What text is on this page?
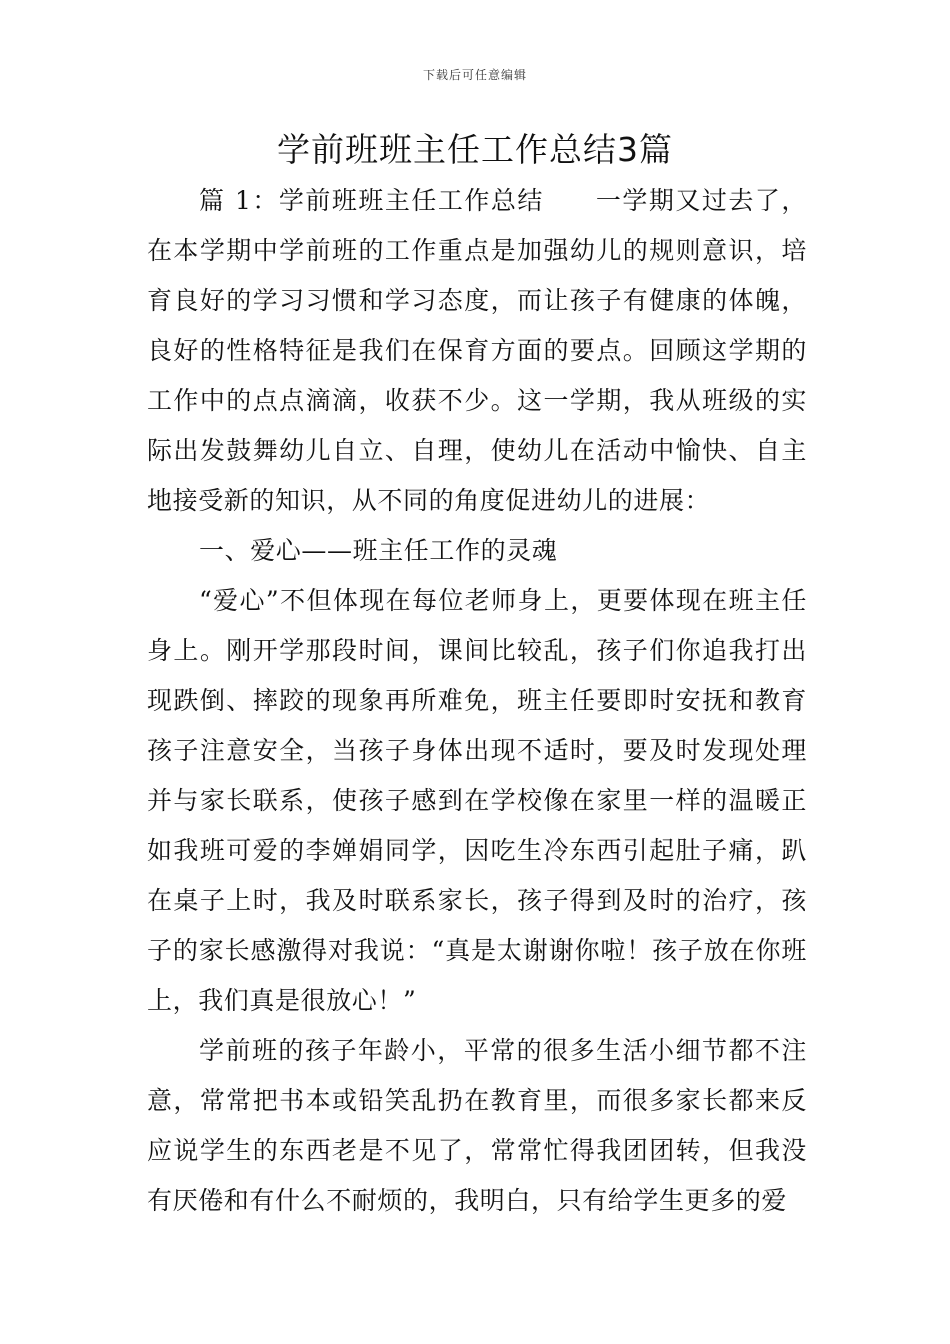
下载后可任意编辑
学前班班主任工作总结3篇

篇 1：学前班班主任工作总结 一学期又过去了，在本学期中学前班的工作重点是加强幼儿的规则意识，培育良好的学习习惯和学习态度，而让孩子有健康的体魄，良好的性格特征是我们在保育方面的要点。回顾这学期的工作中的点点滴滴，收获不少。这一学期，我从班级的实际出发鼓舞幼儿自立、自理，使幼儿在活动中愉快、自主地接受新的知识，从不同的角度促进幼儿的进展：

一、爱心——班主任工作的灵魂

“爱心”不但体现在每位老师身上，更要体现在班主任身上。刚开学那段时间，课间比较乱，孩子们你追我打出现跌倒、摔跤的现象再所难免，班主任要即时安抚和教育孩子注意安全，当孩子身体出现不适时，要及时发现处理并与家长联系，使孩子感到在学校像在家里一样的温暖正如我班可爱的李婵娟同学，因吃生冷东西引起肚子痛，趴在桌子上时，我及时联系家长，孩子得到及时的治疗，孩子的家长感激得对我说：“真是太谢谢你啦！孩子放在你班上，我们真是很放心！”

学前班的孩子年龄小，平常的很多生活小细节都不注意，常常把书本或铅笑乱扔在教育里，而很多家长都来反应说学生的东西老是不见了，常常忙得我团团转，但我没有厌倦和有什么不耐烦的，我明白，只有给学生更多的爱
